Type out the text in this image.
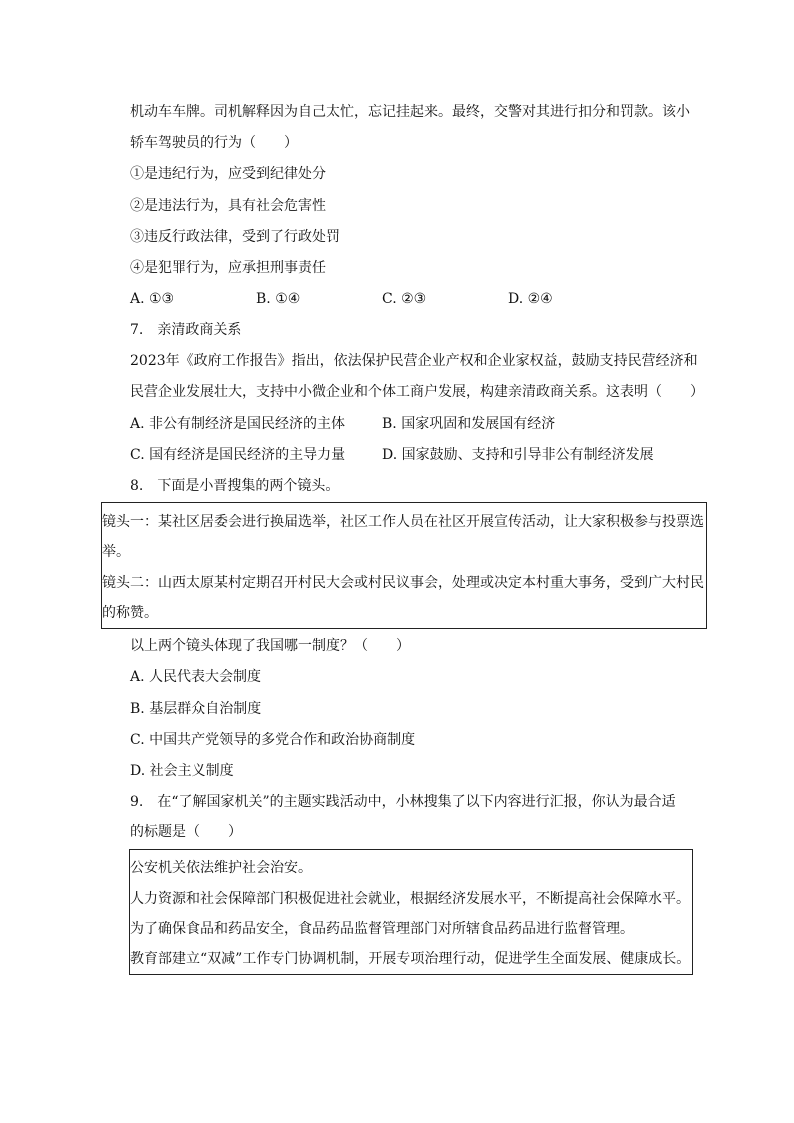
机动车车牌。司机解释因为自己太忙，忘记挂起来。最终，交警对其进行扣分和罚款。该小
轿车驾驶员的行为（　　）
①是违纪行为，应受到纪律处分
②是违法行为，具有社会危害性
③违反行政法律，受到了行政处罚
④是犯罪行为，应承担刑事责任
A. ①③	B. ①④	C. ②③	D. ②④
7.　亲清政商关系
2023年《政府工作报告》指出，依法保护民营企业产权和企业家权益，鼓励支持民营经济和
民营企业发展壮大，支持中小微企业和个体工商户发展，构建亲清政商关系。这表明（　　）
A. 非公有制经济是国民经济的主体	B. 国家巩固和发展国有经济
C. 国有经济是国民经济的主导力量	D. 国家鼓励、支持和引导非公有制经济发展
8.　下面是小晋搜集的两个镜头。
镜头一：某社区居委会进行换届选举，社区工作人员在社区开展宣传活动，让大家积极参与投票选
举。
镜头二：山西太原某村定期召开村民大会或村民议事会，处理或决定本村重大事务，受到广大村民
的称赞。
以上两个镜头体现了我国哪一制度？（　　）
A. 人民代表大会制度
B. 基层群众自治制度
C. 中国共产党领导的多党合作和政治协商制度
D. 社会主义制度
9.　在“了解国家机关”的主题实践活动中，小林搜集了以下内容进行汇报，你认为最合适
的标题是（　　）
公安机关依法维护社会治安。
人力资源和社会保障部门积极促进社会就业，根据经济发展水平，不断提高社会保障水平。
为了确保食品和药品安全，食品药品监督管理部门对所辖食品药品进行监督管理。
教育部建立“双减”工作专门协调机制，开展专项治理行动，促进学生全面发展、健康成长。
